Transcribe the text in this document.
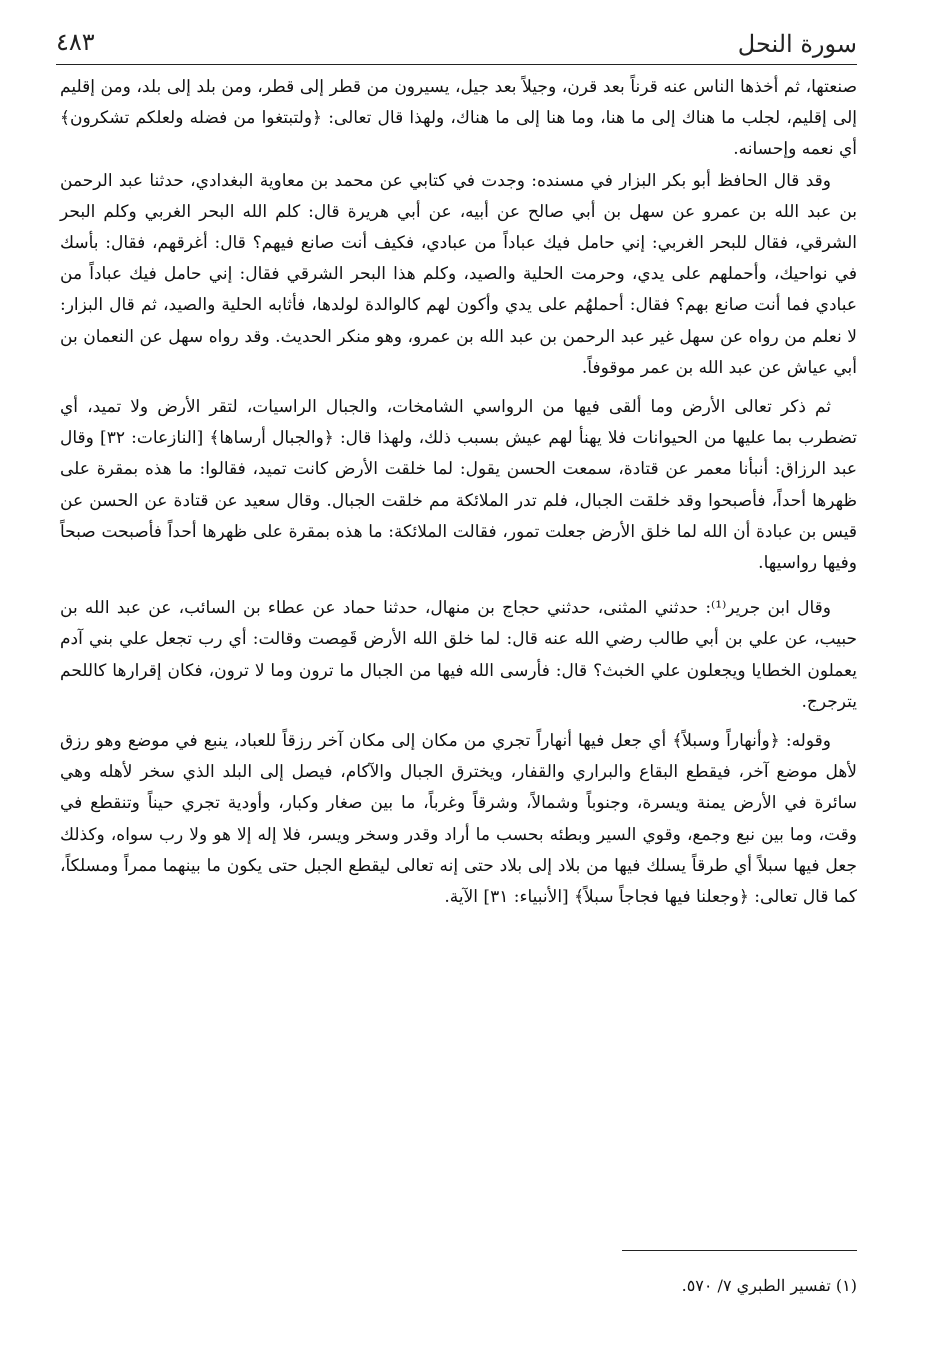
سورة النحل
٤٨٣

صنعتها، ثم أخذها الناس عنه قرناً بعد قرن، وجيلاً بعد جيل، يسيرون من قطر إلى قطر، ومن بلد إلى بلد، ومن إقليم إلى إقليم، لجلب ما هناك إلى ما هنا، وما هنا إلى ما هناك، ولهذا قال تعالى: ﴿ولتبتغوا من فضله ولعلكم تشكرون﴾ أي نعمه وإحسانه.

وقد قال الحافظ أبو بكر البزار في مسنده: وجدت في كتابي عن محمد بن معاوية البغدادي، حدثنا عبد الرحمن بن عبد الله بن عمرو عن سهل بن أبي صالح عن أبيه، عن أبي هريرة قال: كلم الله البحر الغربي وكلم البحر الشرقي، فقال للبحر الغربي: إني حامل فيك عباداً من عبادي، فكيف أنت صانع فيهم؟ قال: أغرقهم، فقال: بأسك في نواحيك، وأحملهم على يدي، وحرمت الحلية والصيد، وكلم هذا البحر الشرقي فقال: إني حامل فيك عباداً من عبادي فما أنت صانع بهم؟ فقال: أحملهُم على يدي وأكون لهم كالوالدة لولدها، فأثابه الحلية والصيد، ثم قال البزار: لا نعلم من رواه عن سهل غير عبد الرحمن بن عبد الله بن عمرو، وهو منكر الحديث. وقد رواه سهل عن النعمان بن أبي عياش عن عبد الله بن عمر موقوفاً.

ثم ذكر تعالى الأرض وما ألقى فيها من الرواسي الشامخات، والجبال الراسيات، لتقر الأرض ولا تميد، أي تضطرب بما عليها من الحيوانات فلا يهنأ لهم عيش بسبب ذلك، ولهذا قال: ﴿والجبال أرساها﴾ [النازعات: ٣٢] وقال عبد الرزاق: أنبأنا معمر عن قتادة، سمعت الحسن يقول: لما خلقت الأرض كانت تميد، فقالوا: ما هذه بمقرة على ظهرها أحداً، فأصبحوا وقد خلقت الجبال، فلم تدر الملائكة مم خلقت الجبال. وقال سعيد عن قتادة عن الحسن عن قيس بن عبادة أن الله لما خلق الأرض جعلت تمور، فقالت الملائكة: ما هذه بمقرة على ظهرها أحداً فأصبحت صبحاً وفيها رواسيها.

وقال ابن جرير⁽¹⁾: حدثني المثنى، حدثني حجاج بن منهال، حدثنا حماد عن عطاء بن السائب، عن عبد الله بن حبيب، عن علي بن أبي طالب رضي الله عنه قال: لما خلق الله الأرض قَمِصت وقالت: أي رب تجعل علي بني آدم يعملون الخطايا ويجعلون علي الخبث؟ قال: فأرسى الله فيها من الجبال ما ترون وما لا ترون، فكان إقرارها كاللحم يترجرج.

وقوله: ﴿وأنهاراً وسبلاً﴾ أي جعل فيها أنهاراً تجري من مكان إلى مكان آخر رزقاً للعباد، ينبع في موضع وهو رزق لأهل موضع آخر، فيقطع البقاع والبراري والقفار، ويخترق الجبال والآكام، فيصل إلى البلد الذي سخر لأهله وهي سائرة في الأرض يمنة ويسرة، وجنوباً وشمالاً، وشرقاً وغرباً، ما بين صغار وكبار، وأودية تجري حيناً وتنقطع في وقت، وما بين نبع وجمع، وقوي السير وبطئه بحسب ما أراد وقدر وسخر ويسر، فلا إله إلا هو ولا رب سواه، وكذلك جعل فيها سبلاً أي طرقاً يسلك فيها من بلاد إلى بلاد حتى إنه تعالى ليقطع الجبل حتى يكون ما بينهما ممراً ومسلكاً، كما قال تعالى: ﴿وجعلنا فيها فجاجاً سبلاً﴾ [الأنبياء: ٣١] الآية.

(١) تفسير الطبري ٧/ ٥٧٠.
